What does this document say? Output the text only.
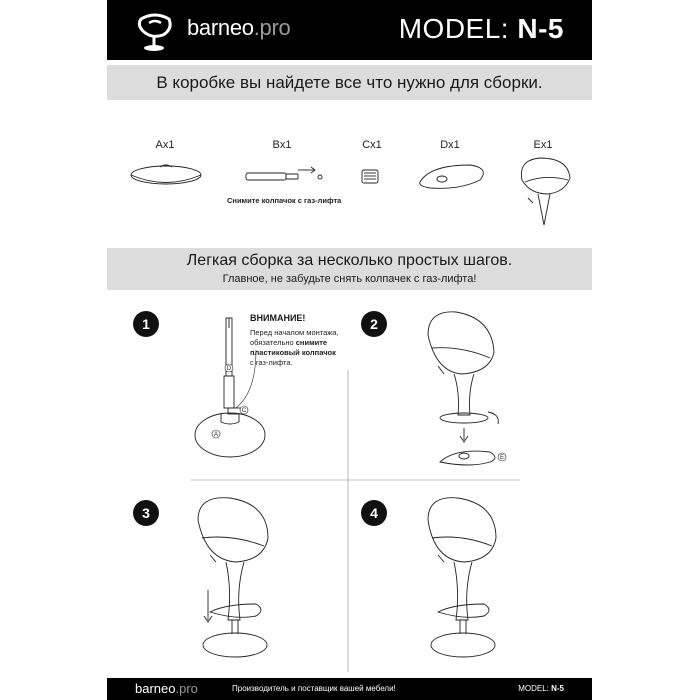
barneo.pro	MODEL: N-5
В коробке вы найдете все что нужно для сборки.
Ax1	Bx1	Cx1	Dx1	Ex1
Снимите колпачок с газ-лифта
Легкая сборка за несколько простых шагов.
Главное, не забудьте снять колпачек с газ-лифта!
1	2
3	4
ВНИМАНИЕ!
Перед началом монтажа,
обязательно снимите
пластиковый колпачок
с газ-лифта.
D
A
C
E
barneo.pro	Производитель и поставщик вашей мебели!	MODEL: N-5
